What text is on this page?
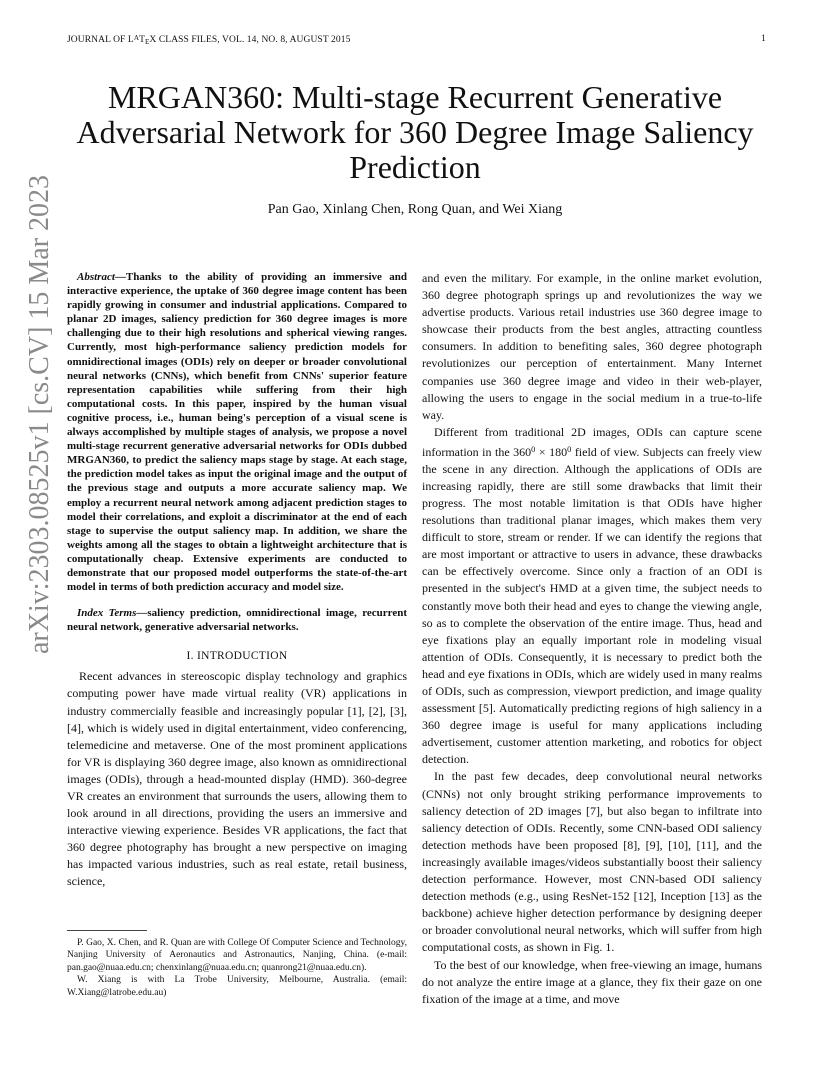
JOURNAL OF $L^AT_EX$ CLASS FILES, VOL. 14, NO. 8, AUGUST 2015	1
arXiv:2303.08525v1 [cs.CV] 15 Mar 2023
MRGAN360: Multi-stage Recurrent Generative Adversarial Network for 360 Degree Image Saliency Prediction
Pan Gao, Xinlang Chen, Rong Quan, and Wei Xiang

Abstract—Thanks to the ability of providing an immersive and interactive experience, the uptake of 360 degree image content has been rapidly growing in consumer and industrial applications. Compared to planar 2D images, saliency prediction for 360 degree images is more challenging due to their high resolutions and spherical viewing ranges. Currently, most high-performance saliency prediction models for omnidirectional images (ODIs) rely on deeper or broader convolutional neural networks (CNNs), which benefit from CNNs' superior feature representation capabilities while suffering from their high computational costs. In this paper, inspired by the human visual cognitive process, i.e., human being's perception of a visual scene is always accomplished by multiple stages of analysis, we propose a novel multi-stage recurrent generative adversarial networks for ODIs dubbed MRGAN360, to predict the saliency maps stage by stage. At each stage, the prediction model takes as input the original image and the output of the previous stage and outputs a more accurate saliency map. We employ a recurrent neural network among adjacent prediction stages to model their correlations, and exploit a discriminator at the end of each stage to supervise the output saliency map. In addition, we share the weights among all the stages to obtain a lightweight architecture that is computationally cheap. Extensive experiments are conducted to demonstrate that our proposed model outperforms the state-of-the-art model in terms of both prediction accuracy and model size.

Index Terms—saliency prediction, omnidirectional image, recurrent neural network, generative adversarial networks.

I. INTRODUCTION

Recent advances in stereoscopic display technology and graphics computing power have made virtual reality (VR) applications in industry commercially feasible and increasingly popular [1], [2], [3], [4], which is widely used in digital entertainment, video conferencing, telemedicine and metaverse. One of the most prominent applications for VR is displaying 360 degree image, also known as omnidirectional images (ODIs), through a head-mounted display (HMD). 360-degree VR creates an environment that surrounds the users, allowing them to look around in all directions, providing the users an immersive and interactive viewing experience. Besides VR applications, the fact that 360 degree photography has brought a new perspective on imaging has impacted various industries, such as real estate, retail business, science,

P. Gao, X. Chen, and R. Quan are with College Of Computer Science and Technology, Nanjing University of Aeronautics and Astronautics, Nanjing, China. (e-mail: pan.gao@nuaa.edu.cn; chenxinlang@nuaa.edu.cn; quanrong21@nuaa.edu.cn).

W. Xiang is with La Trobe University, Melbourne, Australia. (email: W.Xiang@latrobe.edu.au)

and even the military. For example, in the online market evolution, 360 degree photograph springs up and revolutionizes the way we advertise products. Various retail industries use 360 degree image to showcase their products from the best angles, attracting countless consumers. In addition to benefiting sales, 360 degree photograph revolutionizes our perception of entertainment. Many Internet companies use 360 degree image and video in their web-player, allowing the users to engage in the social medium in a true-to-life way.

Different from traditional 2D images, ODIs can capture scene information in the $360^0 \times 180^0$ field of view. Subjects can freely view the scene in any direction. Although the applications of ODIs are increasing rapidly, there are still some drawbacks that limit their progress. The most notable limitation is that ODIs have higher resolutions than traditional planar images, which makes them very difficult to store, stream or render. If we can identify the regions that are most important or attractive to users in advance, these drawbacks can be effectively overcome. Since only a fraction of an ODI is presented in the subject's HMD at a given time, the subject needs to constantly move both their head and eyes to change the viewing angle, so as to complete the observation of the entire image. Thus, head and eye fixations play an equally important role in modeling visual attention of ODIs. Consequently, it is necessary to predict both the head and eye fixations in ODIs, which are widely used in many realms of ODIs, such as compression, viewport prediction, and image quality assessment [5]. Automatically predicting regions of high saliency in a 360 degree image is useful for many applications including advertisement, customer attention marketing, and robotics for object detection.

In the past few decades, deep convolutional neural networks (CNNs) not only brought striking performance improvements to saliency detection of 2D images [7], but also began to infiltrate into saliency detection of ODIs. Recently, some CNN-based ODI saliency detection methods have been proposed [8], [9], [10], [11], and the increasingly available images/videos substantially boost their saliency detection performance. However, most CNN-based ODI saliency detection methods (e.g., using ResNet-152 [12], Inception [13] as the backbone) achieve higher detection performance by designing deeper or broader convolutional neural networks, which will suffer from high computational costs, as shown in Fig. 1.

To the best of our knowledge, when free-viewing an image, humans do not analyze the entire image at a glance, they fix their gaze on one fixation of the image at a time, and move
